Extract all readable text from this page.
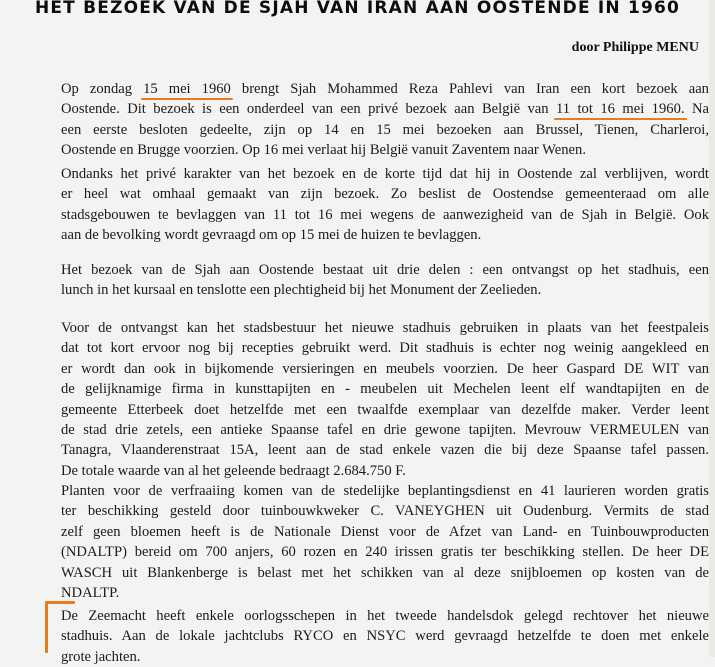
HET BEZOEK VAN DE SJAH VAN IRAN AAN OOSTENDE IN 1960
door Philippe MENU
Op zondag 15 mei 1960 brengt Sjah Mohammed Reza Pahlevi van Iran een kort bezoek aan
Oostende. Dit bezoek is een onderdeel van een privé bezoek aan België van 11 tot 16 mei 1960. Na
een eerste besloten gedeelte, zijn op 14 en 15 mei bezoeken aan Brussel, Tienen, Charleroi,
Oostende en Brugge voorzien. Op 16 mei verlaat hij België vanuit Zaventem naar Wenen.
Ondanks het privé karakter van het bezoek en de korte tijd dat hij in Oostende zal verblijven, wordt
er heel wat omhaal gemaakt van zijn bezoek. Zo beslist de Oostendse gemeenteraad om alle
stadsgebouwen te bevlaggen van 11 tot 16 mei wegens de aanwezigheid van de Sjah in België. Ook
aan de bevolking wordt gevraagd om op 15 mei de huizen te bevlaggen.
Het bezoek van de Sjah aan Oostende bestaat uit drie delen : een ontvangst op het stadhuis, een
lunch in het kursaal en tenslotte een plechtigheid bij het Monument der Zeelieden.
Voor de ontvangst kan het stadsbestuur het nieuwe stadhuis gebruiken in plaats van het feestpaleis
dat tot kort ervoor nog bij recepties gebruikt werd. Dit stadhuis is echter nog weinig aangekleed en
er wordt dan ook in bijkomende versieringen en meubels voorzien. De heer Gaspard DE WIT van
de gelijknamige firma in kunsttapijten en - meubelen uit Mechelen leent elf wandtapijten en de
gemeente Etterbeek doet hetzelfde met een twaalfde exemplaar van dezelfde maker. Verder leent
de stad drie zetels, een antieke Spaanse tafel en drie gewone tapijten. Mevrouw VERMEULEN van
Tanagra, Vlaanderenstraat 15A, leent aan de stad enkele vazen die bij deze Spaanse tafel passen.
De totale waarde van al het geleende bedraagt 2.684.750 F.
Planten voor de verfraaiing komen van de stedelijke beplantingsdienst en 41 laurieren worden gratis
ter beschikking gesteld door tuinbouwkweker C. VANEYGHEN uit Oudenburg. Vermits de stad
zelf geen bloemen heeft is de Nationale Dienst voor de Afzet van Land- en Tuinbouwproducten
(NDALTP) bereid om 700 anjers, 60 rozen en 240 irissen gratis ter beschikking stellen. De heer DE
WASCH uit Blankenberge is belast met het schikken van al deze snijbloemen op kosten van de
NDALTP.
De Zeemacht heeft enkele oorlogsschepen in het tweede handelsdok gelegd rechtover het nieuwe
stadhuis. Aan de lokale jachtclubs RYCO en NSYC werd gevraagd hetzelfde te doen met enkele
grote jachten.
